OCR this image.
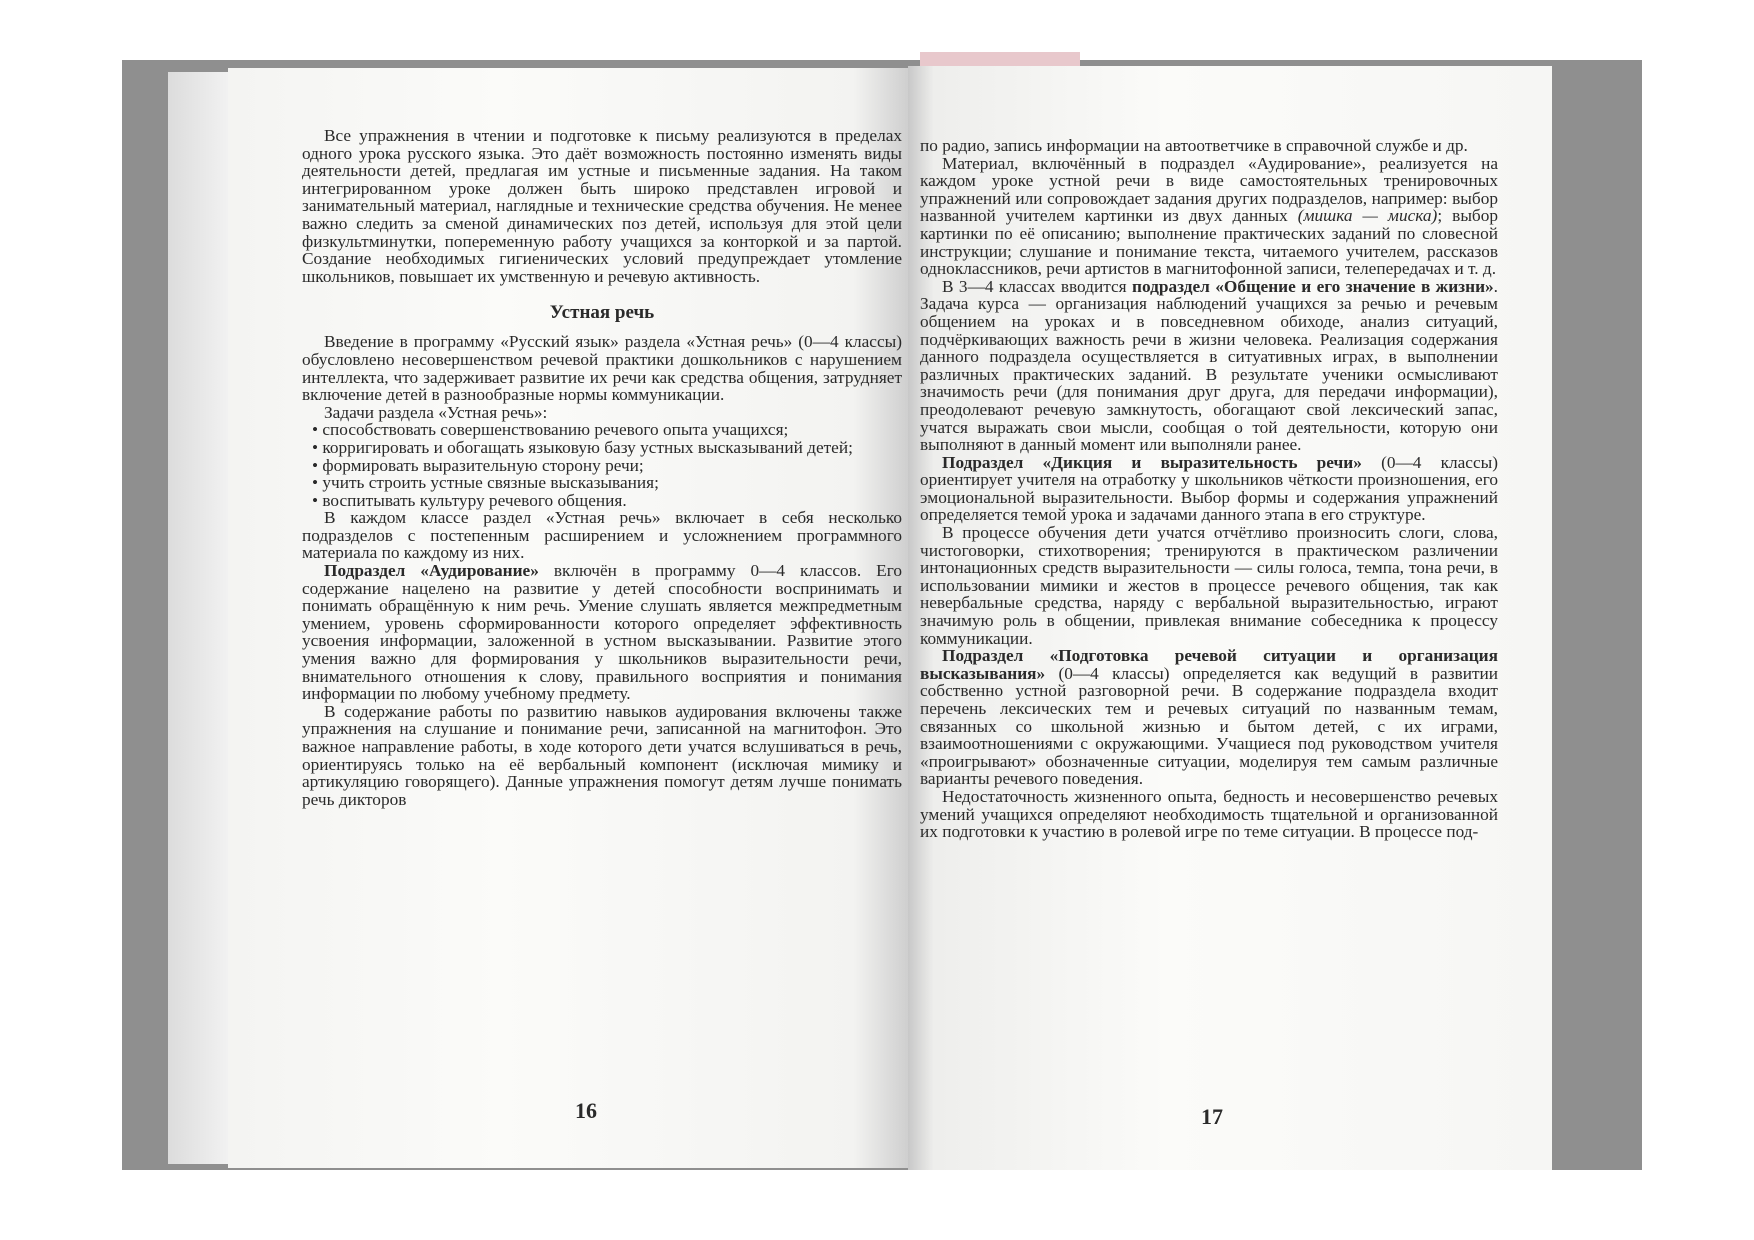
Все упражнения в чтении и подготовке к письму реализуются в пределах одного урока русского языка. Это даёт возможность постоянно изменять виды деятельности детей, предлагая им устные и письменные задания. На таком интегрированном уроке должен быть широко представлен игровой и занимательный материал, наглядные и технические средства обучения. Не менее важно следить за сменой динамических поз детей, используя для этой цели физкультминутки, попеременную работу учащихся за конторкой и за партой. Создание необходимых гигиенических условий предупреждает утомление школьников, повышает их умственную и речевую активность.

Устная речь

Введение в программу «Русский язык» раздела «Устная речь» (0—4 классы) обусловлено несовершенством речевой практики дошкольников с нарушением интеллекта, что задерживает развитие их речи как средства общения, затрудняет включение детей в разнообразные нормы коммуникации.

Задачи раздела «Устная речь»:

• способствовать совершенствованию речевого опыта учащихся;

• корригировать и обогащать языковую базу устных высказываний детей;

• формировать выразительную сторону речи;

• учить строить устные связные высказывания;

• воспитывать культуру речевого общения.

В каждом классе раздел «Устная речь» включает в себя несколько подразделов с постепенным расширением и усложнением программного материала по каждому из них.

Подраздел «Аудирование» включён в программу 0—4 классов. Его содержание нацелено на развитие у детей способности воспринимать и понимать обращённую к ним речь. Умение слушать является межпредметным умением, уровень сформированности которого определяет эффективность усвоения информации, заложенной в устном высказывании. Развитие этого умения важно для формирования у школьников выразительности речи, внимательного отношения к слову, правильного восприятия и понимания информации по любому учебному предмету.

В содержание работы по развитию навыков аудирования включены также упражнения на слушание и понимание речи, записанной на магнитофон. Это важное направление работы, в ходе которого дети учатся вслушиваться в речь, ориентируясь только на её вербальный компонент (исключая мимику и артикуляцию говорящего). Данные упражнения помогут детям лучше понимать речь дикторов

16

по радио, запись информации на автоответчике в справочной службе и др.

Материал, включённый в подраздел «Аудирование», реализуется на каждом уроке устной речи в виде самостоятельных тренировочных упражнений или сопровождает задания других подразделов, например: выбор названной учителем картинки из двух данных (мишка — миска); выбор картинки по её описанию; выполнение практических заданий по словесной инструкции; слушание и понимание текста, читаемого учителем, рассказов одноклассников, речи артистов в магнитофонной записи, телепередачах и т. д.

В 3—4 классах вводится подраздел «Общение и его значение в жизни». Задача курса — организация наблюдений учащихся за речью и речевым общением на уроках и в повседневном обиходе, анализ ситуаций, подчёркивающих важность речи в жизни человека. Реализация содержания данного подраздела осуществляется в ситуативных играх, в выполнении различных практических заданий. В результате ученики осмысливают значимость речи (для понимания друг друга, для передачи информации), преодолевают речевую замкнутость, обогащают свой лексический запас, учатся выражать свои мысли, сообщая о той деятельности, которую они выполняют в данный момент или выполняли ранее.

Подраздел «Дикция и выразительность речи» (0—4 классы) ориентирует учителя на отработку у школьников чёткости произношения, его эмоциональной выразительности. Выбор формы и содержания упражнений определяется темой урока и задачами данного этапа в его структуре.

В процессе обучения дети учатся отчётливо произносить слоги, слова, чистоговорки, стихотворения; тренируются в практическом различении интонационных средств выразительности — силы голоса, темпа, тона речи, в использовании мимики и жестов в процессе речевого общения, так как невербальные средства, наряду с вербальной выразительностью, играют значимую роль в общении, привлекая внимание собеседника к процессу коммуникации.

Подраздел «Подготовка речевой ситуации и организация высказывания» (0—4 классы) определяется как ведущий в развитии собственно устной разговорной речи. В содержание подраздела входит перечень лексических тем и речевых ситуаций по названным темам, связанных со школьной жизнью и бытом детей, с их играми, взаимоотношениями с окружающими. Учащиеся под руководством учителя «проигрывают» обозначенные ситуации, моделируя тем самым различные варианты речевого поведения.

Недостаточность жизненного опыта, бедность и несовершенство речевых умений учащихся определяют необходимость тщательной и организованной их подготовки к участию в ролевой игре по теме ситуации. В процессе под-

17
